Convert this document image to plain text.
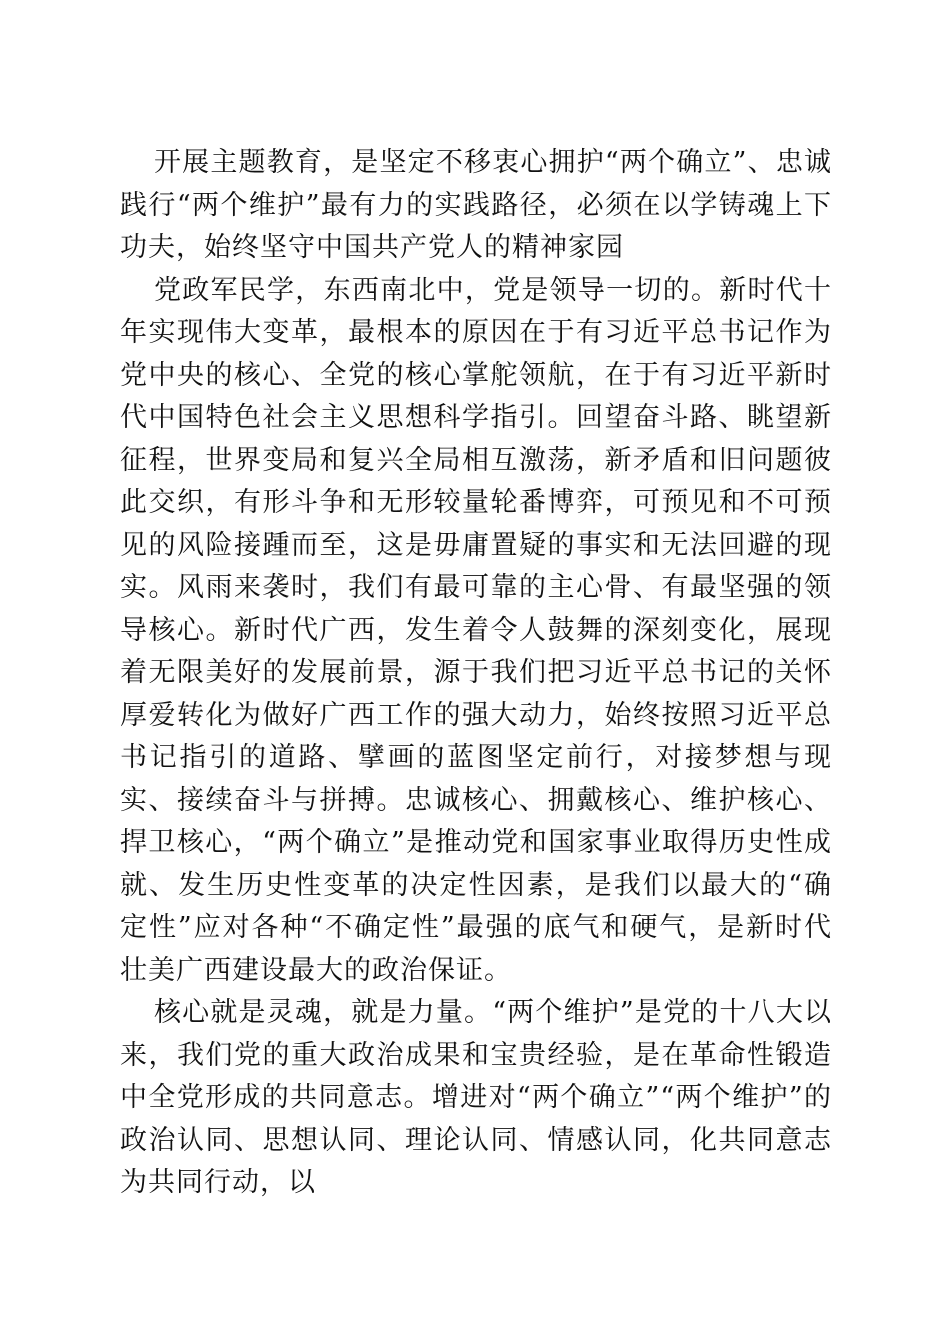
开展主题教育，是坚定不移衷心拥护“两个确立”、忠诚践行“两个维护”最有力的实践路径，必须在以学铸魂上下功夫，始终坚守中国共产党人的精神家园

党政军民学，东西南北中，党是领导一切的。新时代十年实现伟大变革，最根本的原因在于有习近平总书记作为党中央的核心、全党的核心掌舵领航，在于有习近平新时代中国特色社会主义思想科学指引。回望奋斗路、眺望新征程，世界变局和复兴全局相互激荡，新矛盾和旧问题彼此交织，有形斗争和无形较量轮番博弈，可预见和不可预见的风险接踵而至，这是毋庸置疑的事实和无法回避的现实。风雨来袭时，我们有最可靠的主心骨、有最坚强的领导核心。新时代广西，发生着令人鼓舞的深刻变化，展现着无限美好的发展前景，源于我们把习近平总书记的关怀厚爱转化为做好广西工作的强大动力，始终按照习近平总书记指引的道路、擘画的蓝图坚定前行，对接梦想与现实、接续奋斗与拼搏。忠诚核心、拥戴核心、维护核心、捍卫核心，“两个确立”是推动党和国家事业取得历史性成就、发生历史性变革的决定性因素，是我们以最大的“确定性”应对各种“不确定性”最强的底气和硬气，是新时代壮美广西建设最大的政治保证。

核心就是灵魂，就是力量。“两个维护”是党的十八大以来，我们党的重大政治成果和宝贵经验，是在革命性锻造中全党形成的共同意志。增进对“两个确立”“两个维护”的政治认同、思想认同、理论认同、情感认同，化共同意志为共同行动，以
